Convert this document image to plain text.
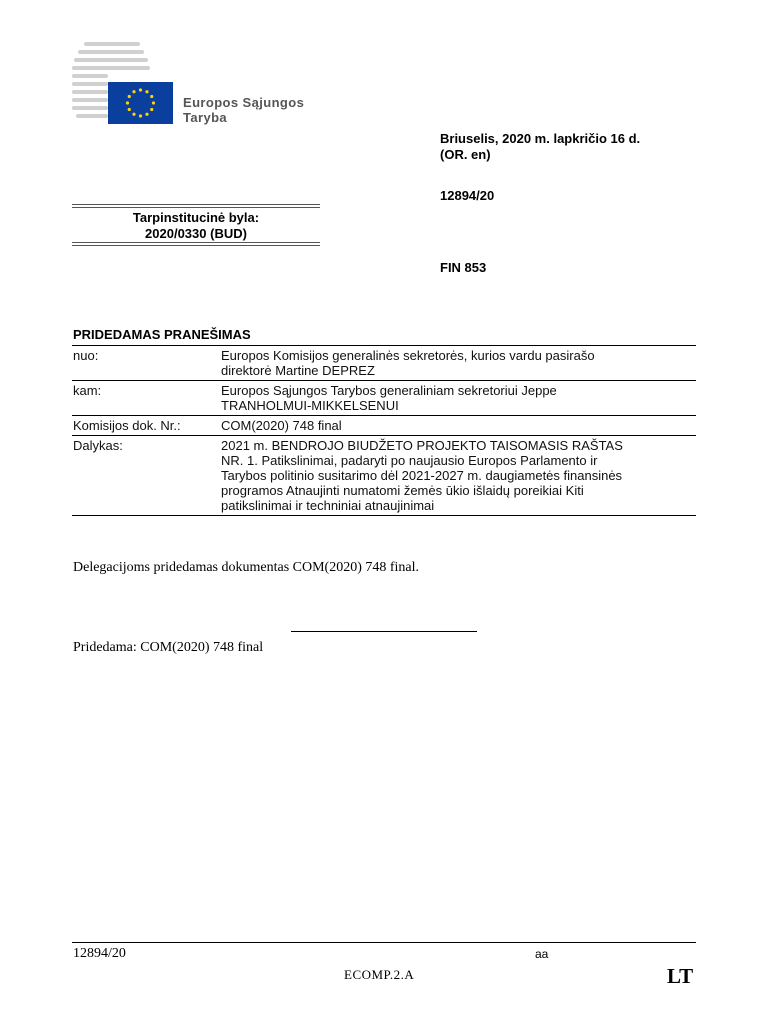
Europos Sąjungos
Taryba
Briuselis, 2020 m. lapkričio 16 d.
(OR. en)
12894/20
FIN 853
Tarpinstitucinė byla:
2020/0330 (BUD)
PRIDEDAMAS PRANEŠIMAS
nuo:	Europos Komisijos generalinės sekretorės, kurios vardu pasirašo
direktorė Martine DEPREZ

kam:	Europos Sąjungos Tarybos generaliniam sekretoriui Jeppe
TRANHOLMUI-MIKKELSENUI

Komisijos dok. Nr.:	COM(2020) 748 final

Dalykas:	2021 m. BENDROJO BIUDŽETO PROJEKTO TAISOMASIS RAŠTAS
NR. 1. Patikslinimai, padaryti po naujausio Europos Parlamento ir
Tarybos politinio susitarimo dėl 2021-2027 m. daugiametės finansinės
programos Atnaujinti numatomi žemės ūkio išlaidų poreikiai Kiti
patikslinimai ir techniniai atnaujinimai
Delegacijoms pridedamas dokumentas COM(2020) 748 final.
Pridedama: COM(2020) 748 final
12894/20	aa
ECOMP.2.A	LT
